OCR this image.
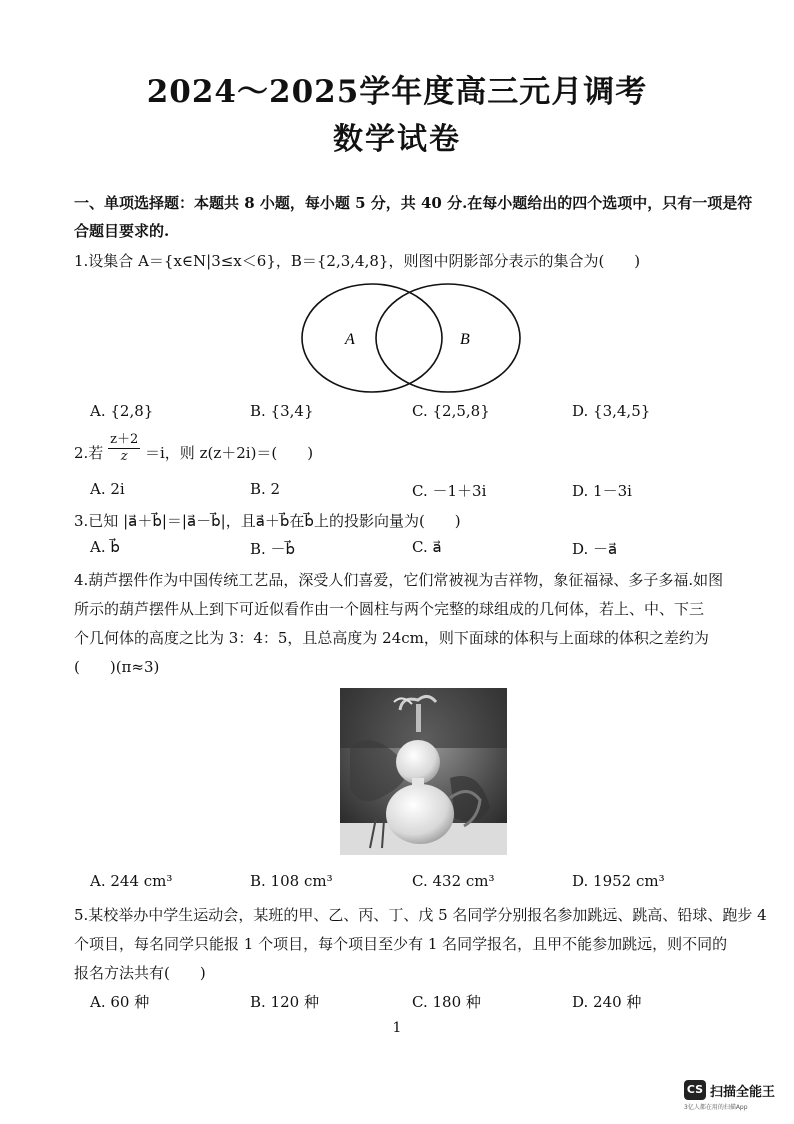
2024～2025学年度高三元月调考
数学试卷
一、单项选择题：本题共 8 小题，每小题 5 分，共 40 分.在每小题给出的四个选项中，只有一项是符
合题目要求的.
1.设集合 A＝{x∈N|3≤x＜6}，B＝{2,3,4,8}，则图中阴影部分表示的集合为(　　)
A	B
A. {2,8}	B. {3,4}	C. {2,5,8}	D. {3,4,5}
2.若 $\frac{z+2}{z} =i$，则 z(z＋2i)＝(　　)
A. 2i	B. 2	C. －1＋3i	D. 1－3i
3.已知 |a⃗＋b⃗|＝|a⃗－b⃗|，且a⃗＋b⃗在b⃗上的投影向量为(　　)
A. b⃗	B. －b⃗	C. a⃗	D. －a⃗
4.葫芦摆件作为中国传统工艺品，深受人们喜爱，它们常被视为吉祥物，象征福禄、多子多福.如图
所示的葫芦摆件从上到下可近似看作由一个圆柱与两个完整的球组成的几何体，若上、中、下三
个几何体的高度之比为 3：4：5，且总高度为 24cm，则下面球的体积与上面球的体积之差约为
(　　)(π≈3)
A. 244 cm³	B. 108 cm³	C. 432 cm³	D. 1952 cm³
5.某校举办中学生运动会，某班的甲、乙、丙、丁、戊 5 名同学分别报名参加跳远、跳高、铅球、跑步 4
个项目，每名同学只能报 1 个项目，每个项目至少有 1 名同学报名，且甲不能参加跳远，则不同的
报名方法共有(　　)
A. 60 种	B. 120 种	C. 180 种	D. 240 种
1
CS 扫描全能王
3亿人都在用的扫描App
